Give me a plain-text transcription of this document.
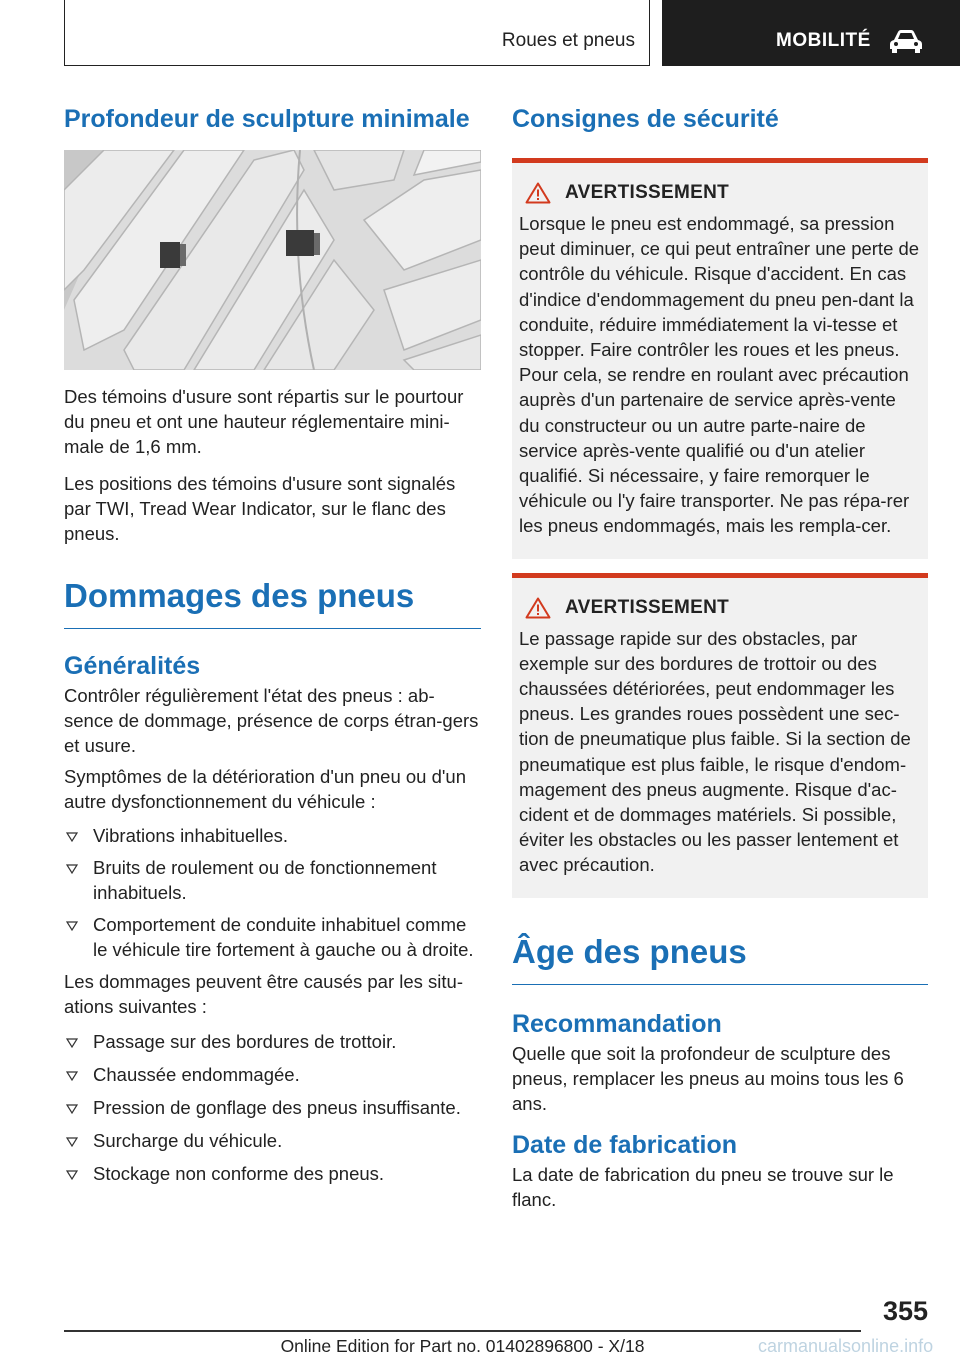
Roues et pneus	MOBILITÉ
Profondeur de sculpture minimale

Des témoins d'usure sont répartis sur le pourtour du pneu et ont une hauteur réglementaire mini‐male de 1,6 mm.

Les positions des témoins d'usure sont signalés par TWI, Tread Wear Indicator, sur le flanc des pneus.

Dommages des pneus
Généralités

Contrôler régulièrement l'état des pneus : ab‐sence de dommage, présence de corps étran‐gers et usure.

Symptômes de la détérioration d'un pneu ou d'un autre dysfonctionnement du véhicule :

Vibrations inhabituelles.
Bruits de roulement ou de fonctionnement inhabituels.
Comportement de conduite inhabituel comme le véhicule tire fortement à gauche ou à droite.

Les dommages peuvent être causés par les situ‐ations suivantes :

Passage sur des bordures de trottoir.
Chaussée endommagée.
Pression de gonflage des pneus insuffisante.
Surcharge du véhicule.
Stockage non conforme des pneus.
Consignes de sécurité
AVERTISSEMENT

Lorsque le pneu est endommagé, sa pression peut diminuer, ce qui peut entraîner une perte de contrôle du véhicule. Risque d'accident. En cas d'indice d'endommagement du pneu pen‐dant la conduite, réduire immédiatement la vi‐tesse et stopper. Faire contrôler les roues et les pneus. Pour cela, se rendre en roulant avec précaution auprès d'un partenaire de service après-vente du constructeur ou un autre parte‐naire de service après-vente qualifié ou d'un atelier qualifié. Si nécessaire, y faire remorquer le véhicule ou l'y faire transporter. Ne pas répa‐rer les pneus endommagés, mais les rempla‐cer.

AVERTISSEMENT

Le passage rapide sur des obstacles, par exemple sur des bordures de trottoir ou des chaussées détériorées, peut endommager les pneus. Les grandes roues possèdent une sec‐tion de pneumatique plus faible. Si la section de pneumatique est plus faible, le risque d'endom‐magement des pneus augmente. Risque d'ac‐cident et de dommages matériels. Si possible, éviter les obstacles ou les passer lentement et avec précaution.

Âge des pneus
Recommandation

Quelle que soit la profondeur de sculpture des pneus, remplacer les pneus au moins tous les 6 ans.

Date de fabrication

La date de fabrication du pneu se trouve sur le flanc.

355
Online Edition for Part no. 01402896800 - X/18	carmanualsonline.info
